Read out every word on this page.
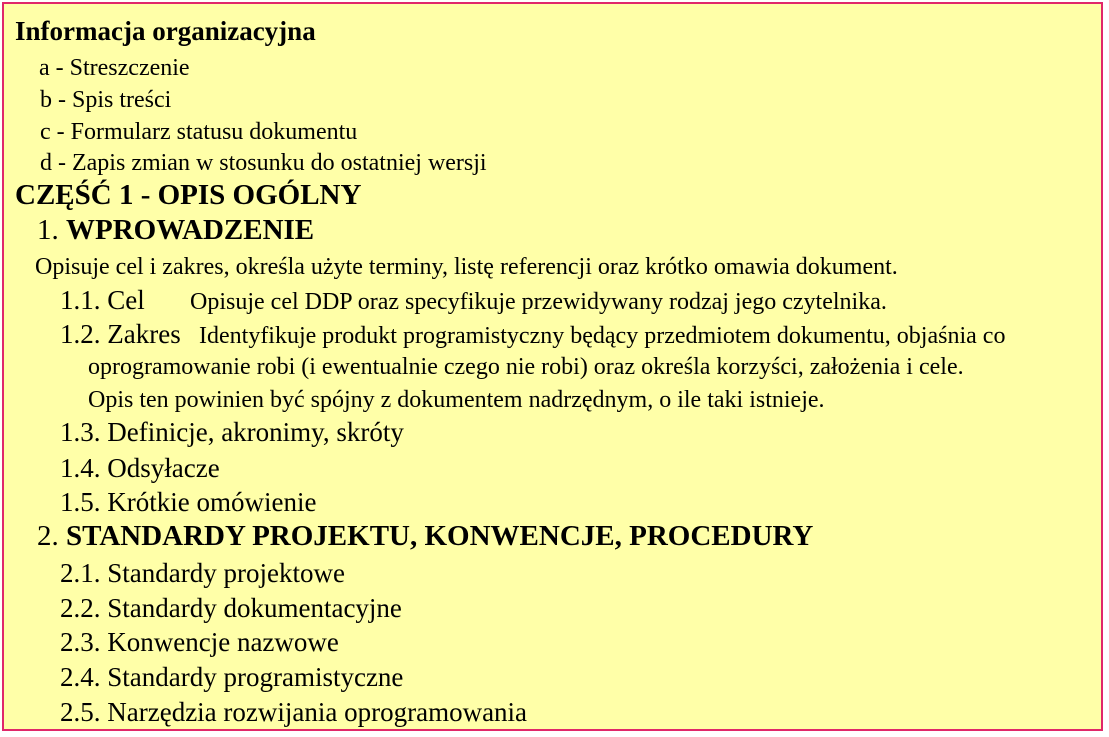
Informacja organizacyjna
a - Streszczenie
b - Spis treści
c - Formularz statusu dokumentu
d - Zapis zmian w stosunku do ostatniej wersji
CZĘŚĆ 1 - OPIS OGÓLNY
1. WPROWADZENIE
Opisuje cel i zakres, określa użyte terminy, listę referencji oraz krótko omawia dokument.
1.1. Cel Opisuje cel DDP oraz specyfikuje przewidywany rodzaj jego czytelnika.
1.2. Zakres Identyfikuje produkt programistyczny będący przedmiotem dokumentu, objaśnia co
oprogramowanie robi (i ewentualnie czego nie robi) oraz określa korzyści, założenia i cele.
Opis ten powinien być spójny z dokumentem nadrzędnym, o ile taki istnieje.
1.3. Definicje, akronimy, skróty
1.4. Odsyłacze
1.5. Krótkie omówienie
2. STANDARDY PROJEKTU, KONWENCJE, PROCEDURY
2.1. Standardy projektowe
2.2. Standardy dokumentacyjne
2.3. Konwencje nazwowe
2.4. Standardy programistyczne
2.5. Narzędzia rozwijania oprogramowania
